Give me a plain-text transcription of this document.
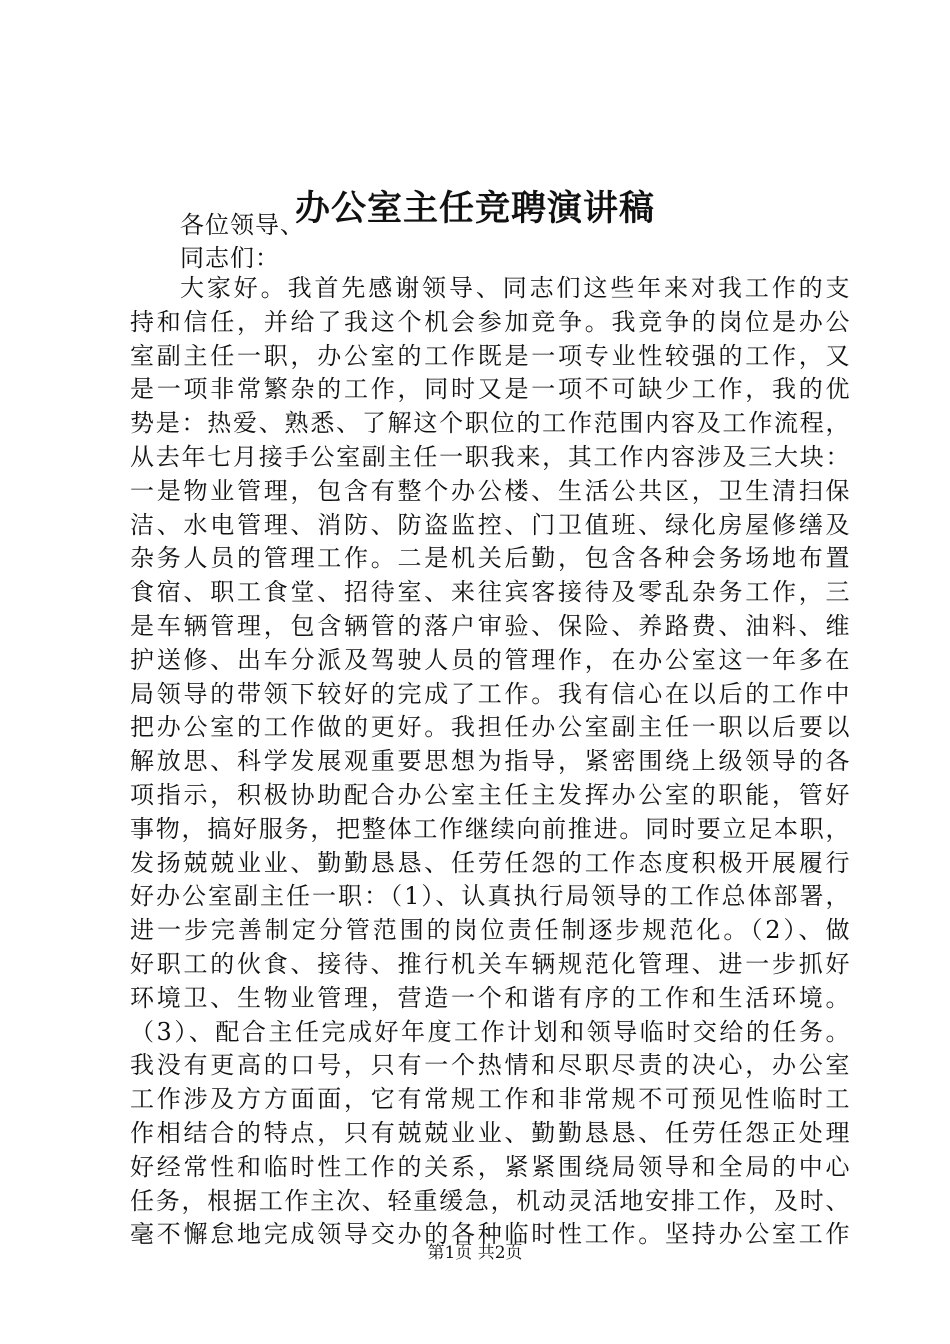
办公室主任竞聘演讲稿
各位领导、
同志们：
大家好。我首先感谢领导、同志们这些年来对我工作的支
持和信任，并给了我这个机会参加竞争。我竞争的岗位是办公
室副主任一职，办公室的工作既是一项专业性较强的工作，又
是一项非常繁杂的工作，同时又是一项不可缺少工作，我的优
势是：热爱、熟悉、了解这个职位的工作范围内容及工作流程，
从去年七月接手公室副主任一职我来，其工作内容涉及三大块：
一是物业管理，包含有整个办公楼、生活公共区，卫生清扫保
洁、水电管理、消防、防盗监控、门卫值班、绿化房屋修缮及
杂务人员的管理工作。二是机关后勤，包含各种会务场地布置
食宿、职工食堂、招待室、来往宾客接待及零乱杂务工作，三
是车辆管理，包含辆管的落户审验、保险、养路费、油料、维
护送修、出车分派及驾驶人员的管理作，在办公室这一年多在
局领导的带领下较好的完成了工作。我有信心在以后的工作中
把办公室的工作做的更好。我担任办公室副主任一职以后要以
解放思、科学发展观重要思想为指导，紧密围绕上级领导的各
项指示，积极协助配合办公室主任主发挥办公室的职能，管好
事物，搞好服务，把整体工作继续向前推进。同时要立足本职，
发扬兢兢业业、勤勤恳恳、任劳任怨的工作态度积极开展履行
好办公室副主任一职：（1）、认真执行局领导的工作总体部署，
进一步完善制定分管范围的岗位责任制逐步规范化。（2）、做
好职工的伙食、接待、推行机关车辆规范化管理、进一步抓好
环境卫、生物业管理，营造一个和谐有序的工作和生活环境。
（3）、配合主任完成好年度工作计划和领导临时交给的任务。
我没有更高的口号，只有一个热情和尽职尽责的决心，办公室
工作涉及方方面面，它有常规工作和非常规不可预见性临时工
作相结合的特点，只有兢兢业业、勤勤恳恳、任劳任怨正处理
好经常性和临时性工作的关系，紧紧围绕局领导和全局的中心
任务，根据工作主次、轻重缓急，机动灵活地安排工作，及时、
毫不懈怠地完成领导交办的各种临时性工作。坚持办公室工作
第1页 共2页
